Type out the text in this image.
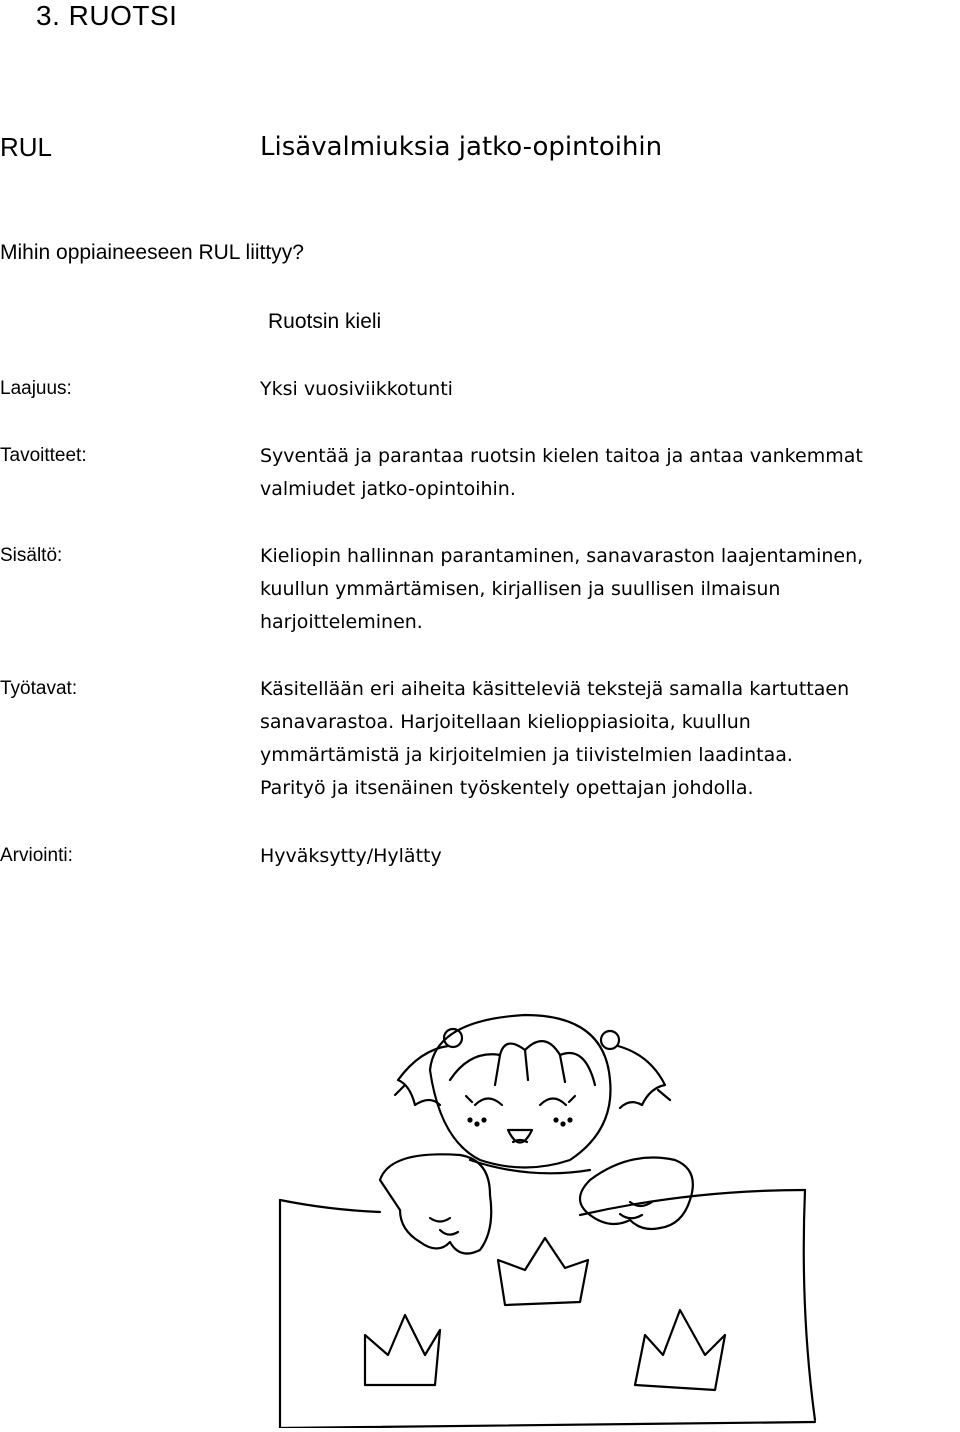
3. RUOTSI
RUL	Lisävalmiuksia jatko-opintoihin
Mihin oppiaineeseen RUL liittyy?
Ruotsin kieli
Laajuus:	Yksi vuosiviikkotunti
Tavoitteet:	Syventää ja parantaa ruotsin kielen taitoa ja antaa vankemmat
valmiudet jatko-opintoihin.
Sisältö:	Kieliopin hallinnan parantaminen, sanavaraston laajentaminen,
kuullun ymmärtämisen, kirjallisen ja suullisen ilmaisun
harjoitteleminen.
Työtavat:	Käsitellään eri aiheita käsitteleviä tekstejä samalla kartuttaen
sanavarastoa. Harjoitellaan kielioppiasioita, kuullun
ymmärtämistä ja kirjoitelmien ja tiivistelmien laadintaa.
Parityö ja itsenäinen työskentely opettajan johdolla.
Arviointi:	Hyväksytty/Hylätty
